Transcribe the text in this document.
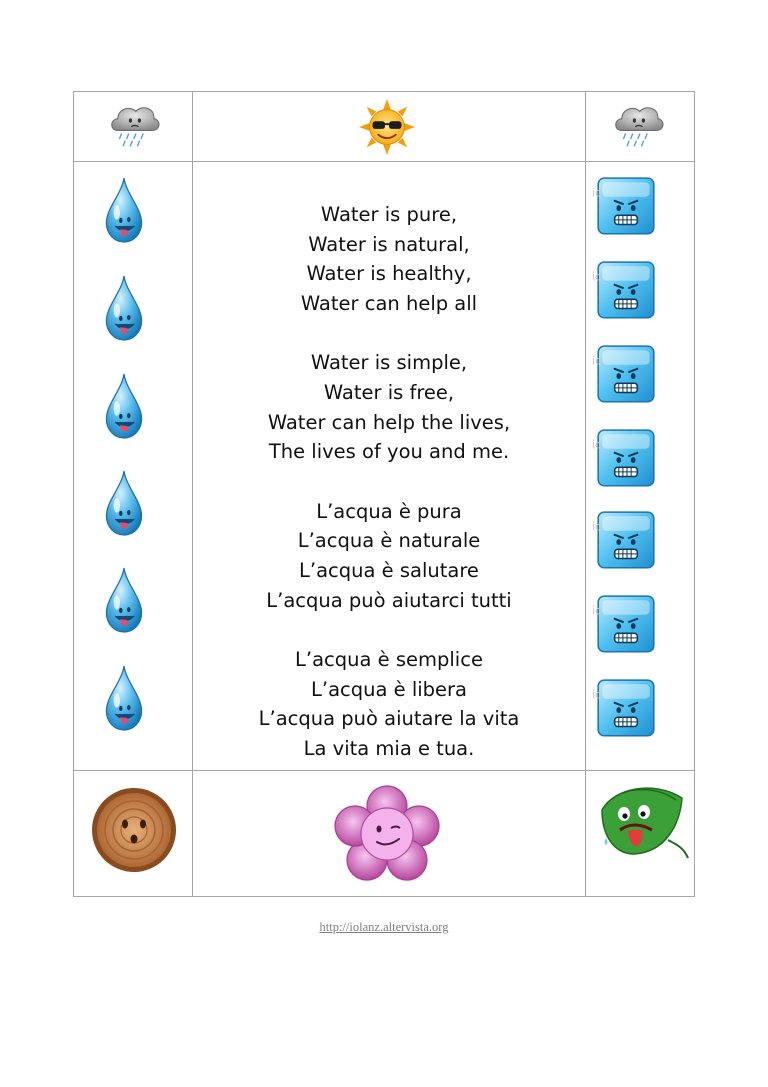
Water is pure,
Water is natural,
Water is healthy,
Water can help all
Water is simple,
Water is free,
Water can help the lives,
The lives of you and me.
L’acqua è pura
L’acqua è naturale
L’acqua è salutare
L’acqua può aiutarci tutti
L’acqua è semplice
L’acqua è libera
L’acqua può aiutare la vita
La vita mia e tua.
http://iolanz.altervista.org
